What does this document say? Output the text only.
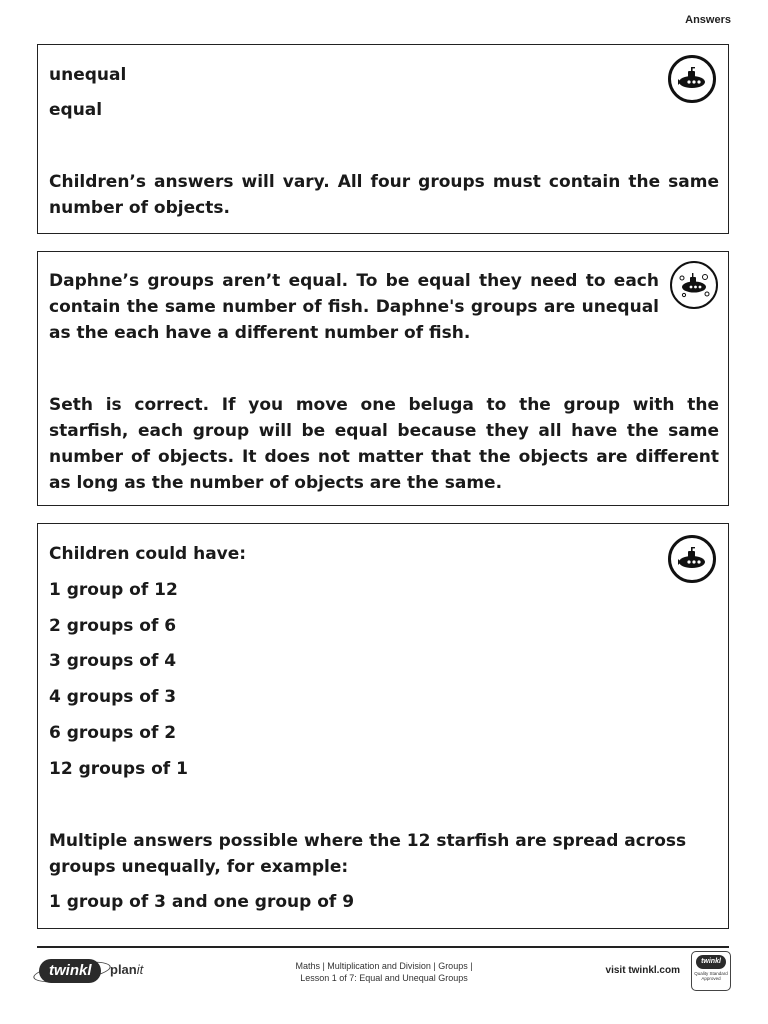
Answers

unequal

equal

Children’s answers will vary. All four groups must contain the same number of objects.

Daphne’s groups aren’t equal. To be equal they need to each contain the same number of fish. Daphne's groups are unequal as the each have a different number of fish.

Seth is correct. If you move one beluga to the group with the starfish, each group will be equal because they all have the same number of objects. It does not matter that the objects are different as long as the number of objects are the same.

Children could have:

1 group of 12

2 groups of 6

3 groups of 4

4 groups of 3

6 groups of 2

12 groups of 1

Multiple answers possible where the 12 starfish are spread across groups unequally, for example:

1 group of 3 and one group of 9

twinkl planit	Maths | Multiplication and Division | Groups |
Lesson 1 of 7: Equal and Unequal Groups
visit twinkl.com
twinkl
Quality Standard
Approved
